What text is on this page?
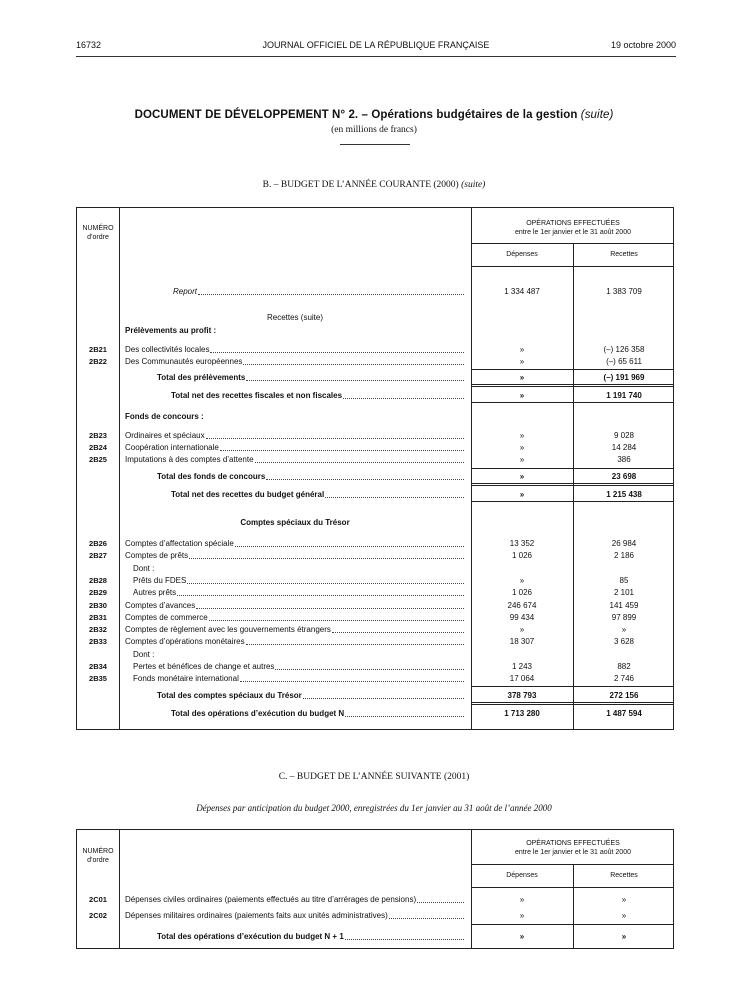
16732	JOURNAL OFFICIEL DE LA RÉPUBLIQUE FRANÇAISE	19 octobre 2000
DOCUMENT DE DÉVELOPPEMENT N° 2. – Opérations budgétaires de la gestion (suite)
(en millions de francs)
B. – BUDGET DE L’ANNÉE COURANTE (2000) (suite)
NUMÉRO
d’ordre
OPÉRATIONS EFFECTUÉES
entre le 1er janvier et le 31 août 2000
Dépenses	Recettes
Report	1 334 487	1 383 709
Recettes (suite)
Prélèvements au profit :
2B21	Des collectivités locales	»	(–) 126 358
2B22	Des Communautés européennes	»	(–) 65 611
Total des prélèvements	»	(–) 191 969
Total net des recettes fiscales et non fiscales	»	1 191 740
Fonds de concours :
2B23	Ordinaires et spéciaux	»	9 028
2B24	Coopération internationale	»	14 284
2B25	Imputations à des comptes d’attente	»	386
Total des fonds de concours	»	23 698
Total net des recettes du budget général	»	1 215 438
Comptes spéciaux du Trésor
2B26	Comptes d’affectation spéciale	13 352	26 984
2B27	Comptes de prêts	1 026	2 186
Dont :
2B28	Prêts du FDES	»	85
2B29	Autres prêts	1 026	2 101
2B30	Comptes d’avances	246 674	141 459
2B31	Comptes de commerce	99 434	97 899
2B32	Comptes de règlement avec les gouvernements étrangers	»	»
2B33	Comptes d’opérations monétaires	18 307	3 628
Dont :
2B34	Pertes et bénéfices de change et autres	1 243	882
2B35	Fonds monétaire international	17 064	2 746
Total des comptes spéciaux du Trésor	378 793	272 156
Total des opérations d’exécution du budget N	1 713 280	1 487 594
C. – BUDGET DE L’ANNÉE SUIVANTE (2001)
Dépenses par anticipation du budget 2000, enregistrées du 1er janvier au 31 août de l’année 2000
NUMÉRO
d’ordre
OPÉRATIONS EFFECTUÉES
entre le 1er janvier et le 31 août 2000
Dépenses	Recettes
2C01	Dépenses civiles ordinaires (paiements effectués au titre d’arrérages de pensions)	»	»
2C02	Dépenses militaires ordinaires (paiements faits aux unités administratives)	»	»
Total des opérations d’exécution du budget N + 1	»	»
